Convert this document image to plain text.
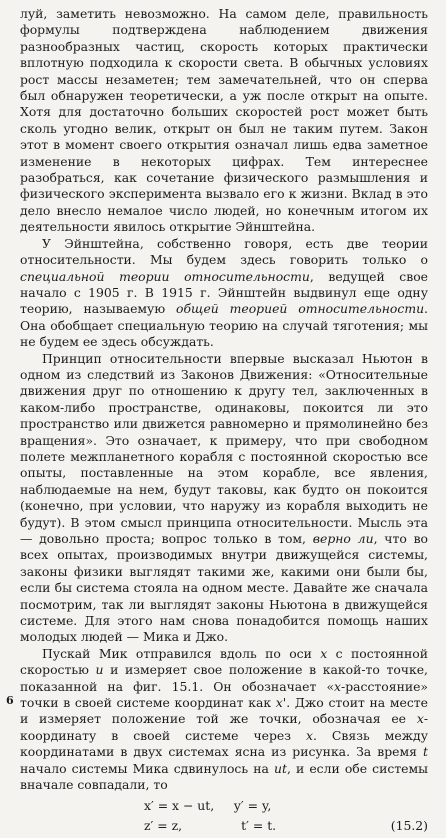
луй, заметить невозможно. На самом деле, правильность формулы подтверждена наблюдением движения разнообразных частиц, скорость которых практически вплотную подходила к скорости света. В обычных условиях рост массы незаметен; тем замечательней, что он сперва был обнаружен теоретически, а уж после открыт на опыте. Хотя для достаточно больших скоростей рост может быть сколь угодно велик, открыт он был не таким путем. Закон этот в момент своего открытия означал лишь едва заметное изменение в некоторых цифрах. Тем интереснее разобраться, как сочетание физического размышления и физического эксперимента вызвало его к жизни. Вклад в это дело внесло немалое число людей, но конечным итогом их деятельности явилось открытие Эйнштейна.

У Эйнштейна, собственно говоря, есть две теории относительности. Мы будем здесь говорить только о специальной теории относительности, ведущей свое начало с 1905 г. В 1915 г. Эйнштейн выдвинул еще одну теорию, называемую общей теорией относительности. Она обобщает специальную теорию на случай тяготения; мы не будем ее здесь обсуждать.

Принцип относительности впервые высказал Ньютон в одном из следствий из Законов Движения: «Относительные движения друг по отношению к другу тел, заключенных в каком-либо пространстве, одинаковы, покоится ли это пространство или движется равномерно и прямолинейно без вращения». Это означает, к примеру, что при свободном полете межпланетного корабля с постоянной скоростью все опыты, поставленные на этом корабле, все явления, наблюдаемые на нем, будут таковы, как будто он покоится (конечно, при условии, что наружу из корабля выходить не будут). В этом смысл принципа относительности. Мысль эта — довольно проста; вопрос только в том, верно ли, что во всех опытах, производимых внутри движущейся системы, законы физики выглядят такими же, какими они были бы, если бы система стояла на одном месте. Давайте же сначала посмотрим, так ли выглядят законы Ньютона в движущейся системе. Для этого нам снова понадобится помощь наших молодых людей — Мика и Джо.

Пускай Мик отправился вдоль по оси x с постоянной скоростью u и измеряет свое положение в какой-то точке, показанной на фиг. 15.1. Он обозначает «x-расстояние» точки в своей системе координат как x'. Джо стоит на месте и измеряет положение той же точки, обозначая ее x-координату в своей системе через x. Связь между координатами в двух системах ясна из рисунка. За время t начало системы Мика сдвинулось на ut, и если обе системы вначале совпадали, то

x′ = x − ut,     y′ = y,
z′ = z,               t′ = t.	(15.2)
6
